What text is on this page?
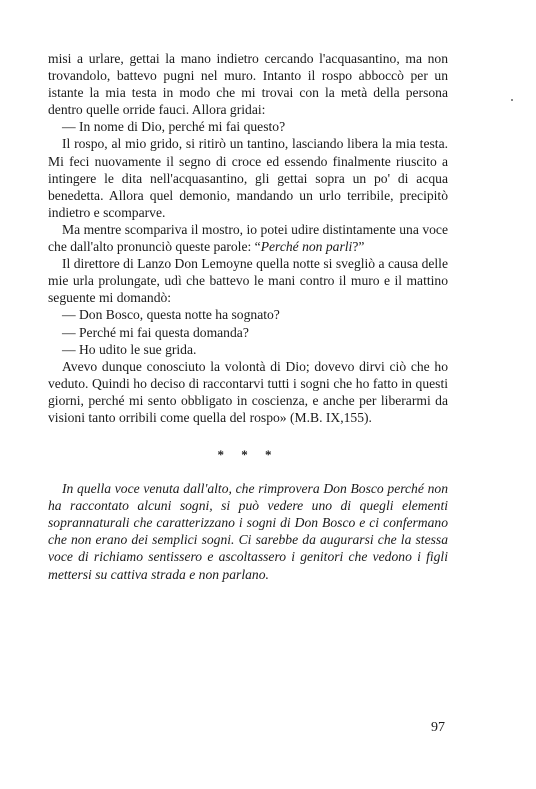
misi a urlare, gettai la mano indietro cercando l'acquasantino, ma non trovandolo, battevo pugni nel muro. Intanto il rospo abboccò per un istante la mia testa in modo che mi trovai con la metà della persona dentro quelle orride fauci. Allora gridai:

— In nome di Dio, perché mi fai questo?

Il rospo, al mio grido, si ritirò un tantino, lasciando libera la mia testa. Mi feci nuovamente il segno di croce ed essendo finalmente riuscito a intingere le dita nell'acquasantino, gli gettai sopra un po' di acqua benedetta. Allora quel demonio, mandando un urlo terribile, precipitò indietro e scomparve.

Ma mentre scompariva il mostro, io potei udire distintamente una voce che dall'alto pronunciò queste parole: “Perché non parli?”

Il direttore di Lanzo Don Lemoyne quella notte si svegliò a causa delle mie urla prolungate, udì che battevo le mani contro il muro e il mattino seguente mi domandò:

— Don Bosco, questa notte ha sognato?

— Perché mi fai questa domanda?

— Ho udito le sue grida.

Avevo dunque conosciuto la volontà di Dio; dovevo dirvi ciò che ho veduto. Quindi ho deciso di raccontarvi tutti i sogni che ho fatto in questi giorni, perché mi sento obbligato in coscienza, e anche per liberarmi da visioni tanto orribili come quella del rospo» (M.B. IX,155).

* * *

In quella voce venuta dall'alto, che rimprovera Don Bosco perché non ha raccontato alcuni sogni, si può vedere uno di quegli elementi soprannaturali che caratterizzano i sogni di Don Bosco e ci confermano che non erano dei semplici sogni. Ci sarebbe da augurarsi che la stessa voce di richiamo sentissero e ascoltassero i genitori che vedono i figli mettersi su cattiva strada e non parlano.

97
